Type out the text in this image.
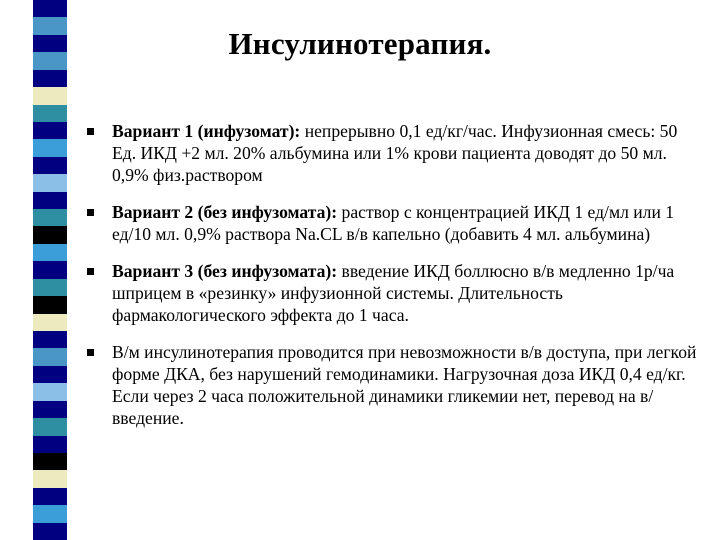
Инсулинотерапия.
Вариант 1 (инфузомат): непрерывно 0,1 ед/кг/час. Инфузионная смесь: 50 Ед. ИКД +2 мл. 20% альбумина или 1% крови пациента доводят до 50 мл. 0,9% физ.раствором
Вариант 2 (без инфузомата): раствор с концентрацией ИКД 1 ед/мл или 1 ед/10 мл. 0,9% раствора Na.CL в/в капельно (добавить 4 мл. альбумина)
Вариант 3 (без инфузомата): введение ИКД боллюсно в/в медленно 1р/ча шприцем в «резинку» инфузионной системы. Длительность фармакологического эффекта до 1 часа.
В/м инсулинотерапия проводится при невозможности в/в доступа, при легкой форме ДКА, без нарушений гемодинамики. Нагрузочная доза ИКД 0,4 ед/кг. Если через 2 часа положительной динамики гликемии нет, перевод на в/ введение.
